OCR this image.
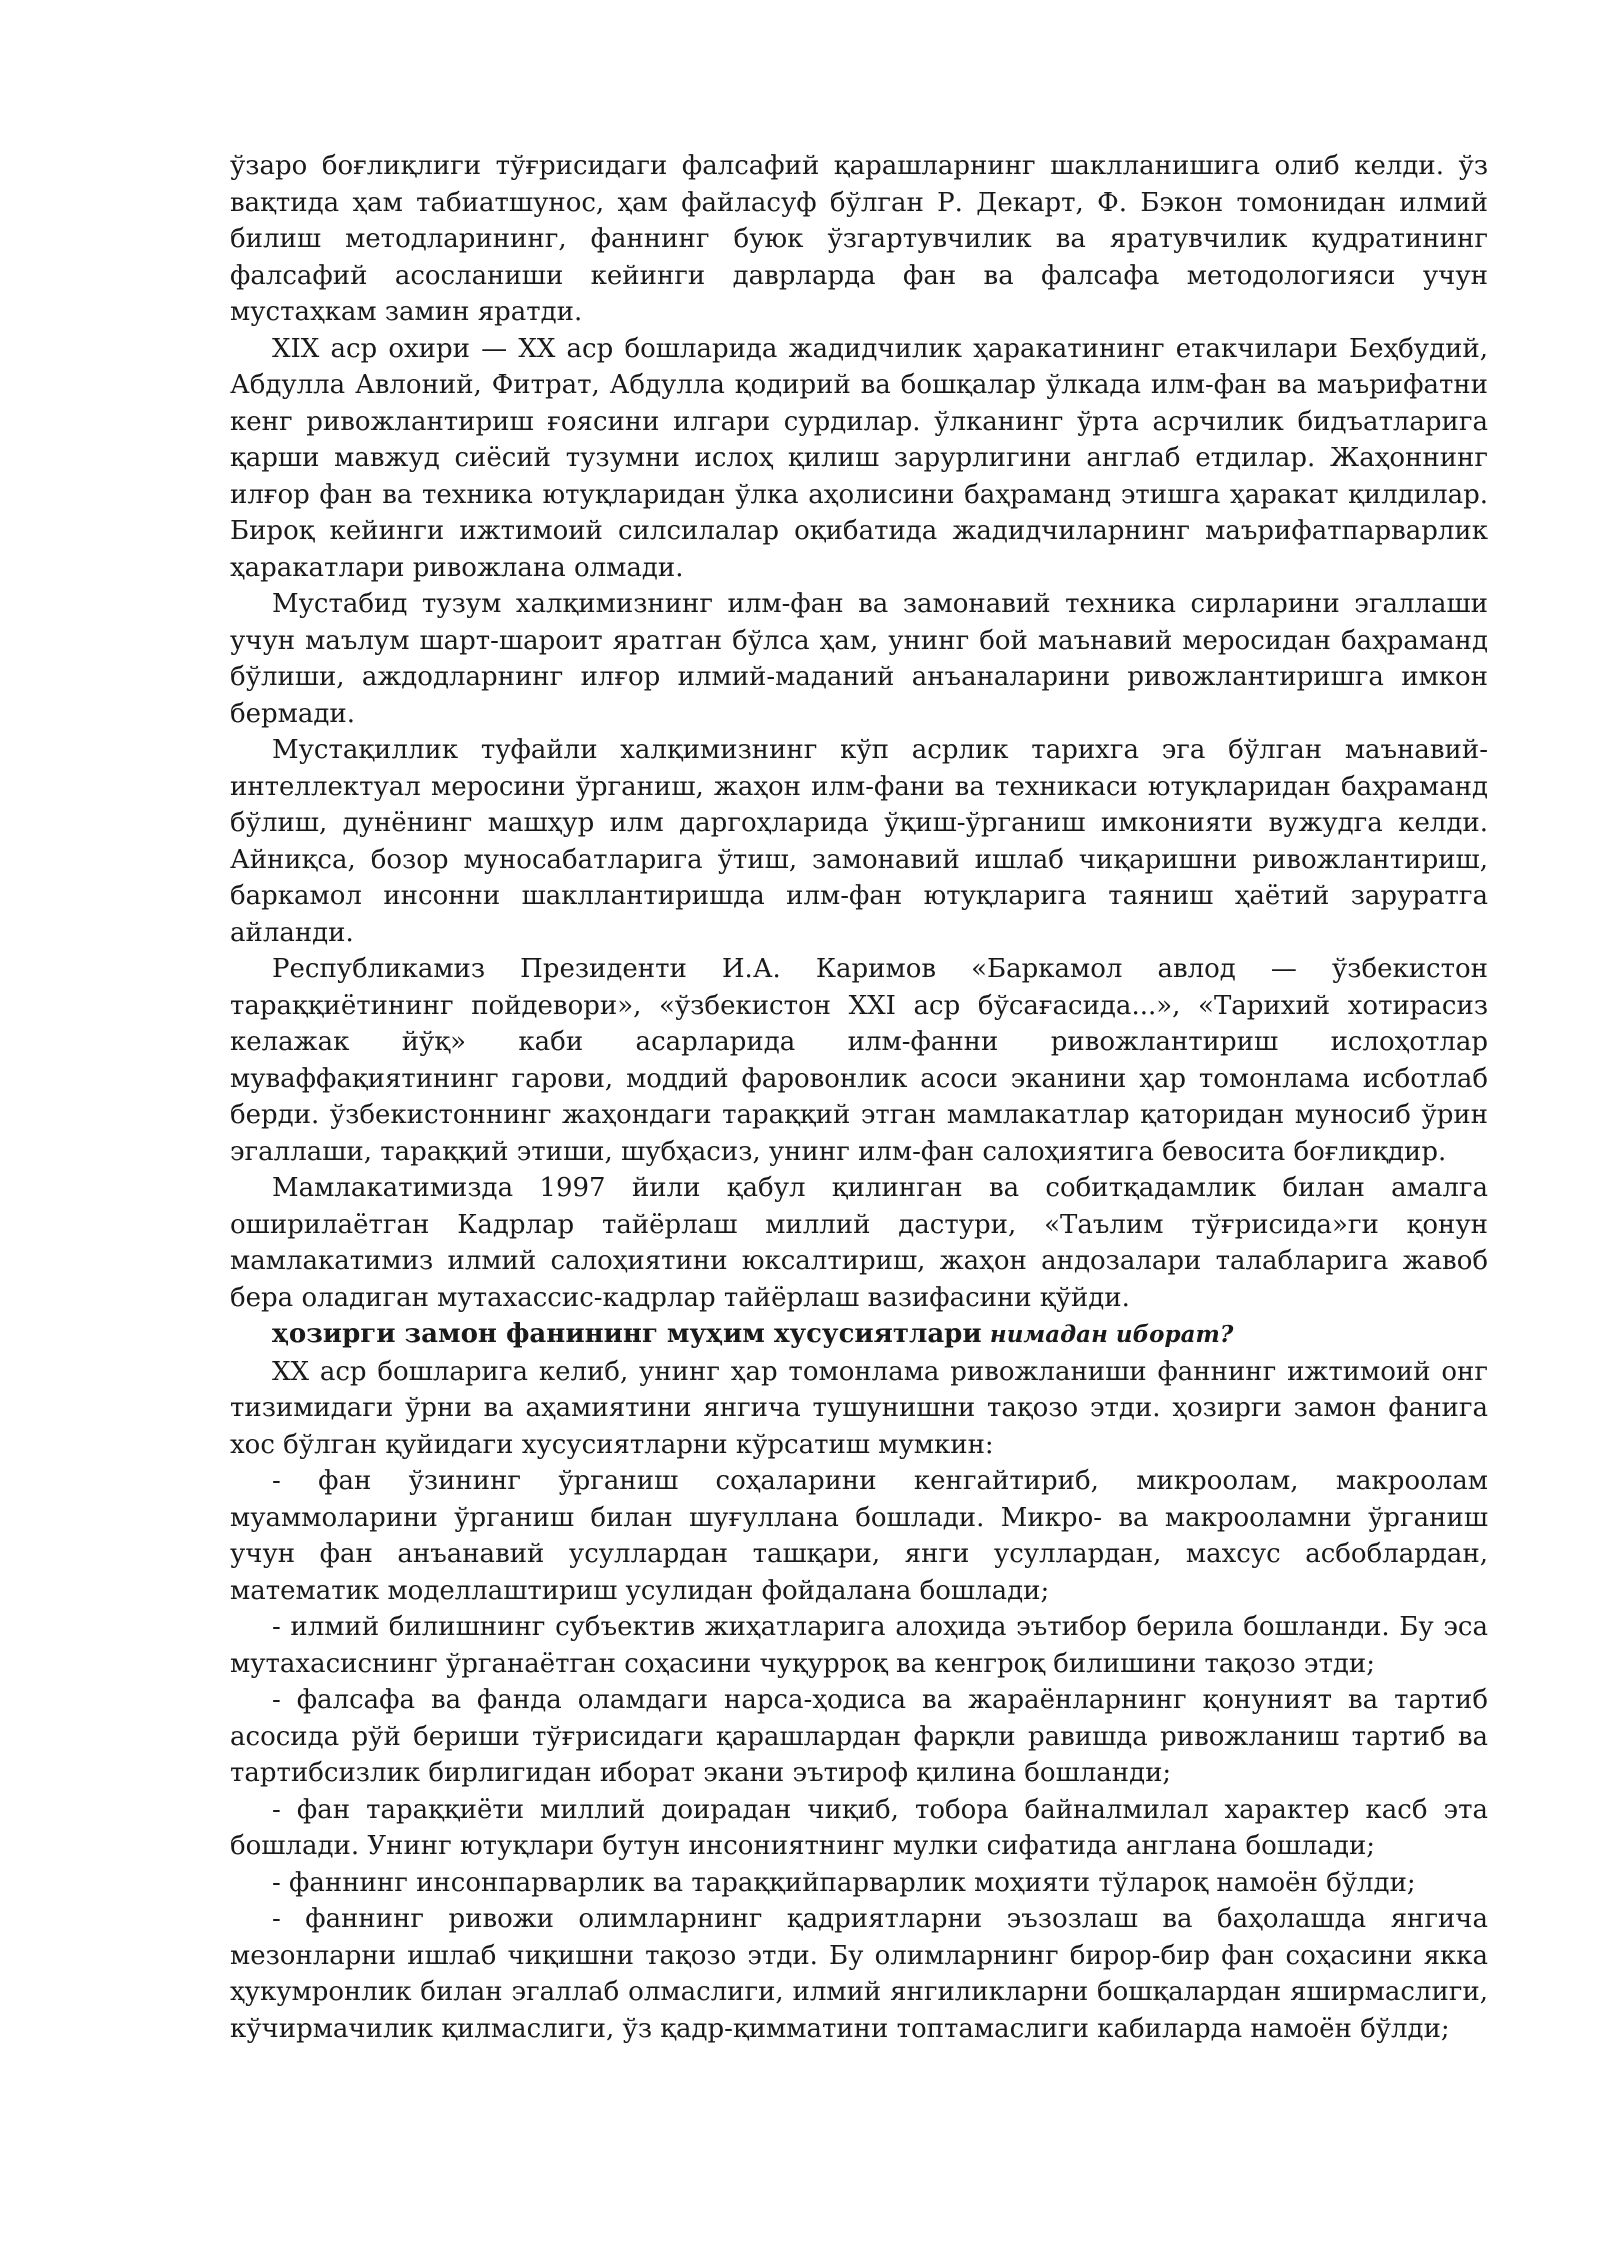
ўзаро боғлиқлиги тўғрисидаги фалсафий қарашларнинг шаклланишига олиб келди. ўз вақтида ҳам табиатшунос, ҳам файласуф бўлган Р. Декарт, Ф. Бэкон томонидан илмий билиш методларининг, фаннинг буюк ўзгартувчилик ва яратувчилик қудратининг фалсафий асосланиши кейинги даврларда фан ва фалсафа методологияси учун мустаҳкам замин яратди.

XIX аср охири — XX аср бошларида жадидчилик ҳаракатининг етакчилари Беҳбудий, Абдулла Авлоний, Фитрат, Абдулла қодирий ва бошқалар ўлкада илм-фан ва маърифатни кенг ривожлантириш ғоясини илгари сурдилар. ўлканинг ўрта асрчилик бидъатларига қарши мавжуд сиёсий тузумни ислоҳ қилиш зарурлигини англаб етдилар. Жаҳоннинг илғор фан ва техника ютуқларидан ўлка аҳолисини баҳраманд этишга ҳаракат қилдилар. Бироқ кейинги ижтимоий силсилалар оқибатида жадидчиларнинг маърифатпарварлик ҳаракатлари ривожлана олмади.

Мустабид тузум халқимизнинг илм-фан ва замонавий техника сирларини эгаллаши учун маълум шарт-шароит яратган бўлса ҳам, унинг бой маънавий меросидан баҳраманд бўлиши, аждодларнинг илғор илмий-маданий анъаналарини ривожлантиришга имкон бермади.

Мустақиллик туфайли халқимизнинг кўп асрлик тарихга эга бўлган маънавий-интеллектуал меросини ўрганиш, жаҳон илм-фани ва техникаси ютуқларидан баҳраманд бўлиш, дунёнинг машҳур илм даргоҳларида ўқиш-ўрганиш имконияти вужудга келди. Айниқса, бозор муносабатларига ўтиш, замонавий ишлаб чиқаришни ривожлантириш, баркамол инсонни шакллантиришда илм-фан ютуқларига таяниш ҳаётий заруратга айланди.

Республикамиз Президенти И.А. Каримов «Баркамол авлод — ўзбекистон тараққиётининг пойдевори», «ўзбекистон XXI аср бўсағасида...», «Тарихий хотирасиз келажак йўқ» каби асарларида илм-фанни ривожлантириш ислоҳотлар муваффақиятининг гарови, моддий фаровонлик асоси эканини ҳар томонлама исботлаб берди. ўзбекистоннинг жаҳондаги тараққий этган мамлакатлар қаторидан муносиб ўрин эгаллаши, тараққий этиши, шубҳасиз, унинг илм-фан салоҳиятига бевосита боғлиқдир.

Мамлакатимизда 1997 йили қабул қилинган ва собитқадамлик билан амалга оширилаётган Кадрлар тайёрлаш миллий дастури, «Таълим тўғрисида»ги қонун мамлакатимиз илмий салоҳиятини юксалтириш, жаҳон андозалари талабларига жавоб бера оладиган мутахассис-кадрлар тайёрлаш вазифасини қўйди.

ҳозирги замон фанининг муҳим хусусиятлари нимадан иборат?

XX аср бошларига келиб, унинг ҳар томонлама ривожланиши фаннинг ижтимоий онг тизимидаги ўрни ва аҳамиятини янгича тушунишни тақозо этди. ҳозирги замон фанига хос бўлган қуйидаги хусусиятларни кўрсатиш мумкин:

- фан ўзининг ўрганиш соҳаларини кенгайтириб, микроолам, макроолам муаммоларини ўрганиш билан шуғуллана бошлади. Микро- ва макрооламни ўрганиш учун фан анъанавий усуллардан ташқари, янги усуллардан, махсус асбоблардан, математик моделлаштириш усулидан фойдалана бошлади;

- илмий билишнинг субъектив жиҳатларига алоҳида эътибор берила бошланди. Бу эса мутахасиснинг ўрганаётган соҳасини чуқурроқ ва кенгроқ билишини тақозо этди;

- фалсафа ва фанда оламдаги нарса-ҳодиса ва жараёнларнинг қонуният ва тартиб асосида рўй бериши тўғрисидаги қарашлардан фарқли равишда ривожланиш тартиб ва тартибсизлик бирлигидан иборат экани эътироф қилина бошланди;

- фан тараққиёти миллий доирадан чиқиб, тобора байналмилал характер касб эта бошлади. Унинг ютуқлари бутун инсониятнинг мулки сифатида англана бошлади;

- фаннинг инсонпарварлик ва тараққийпарварлик моҳияти тўлароқ намоён бўлди;

- фаннинг ривожи олимларнинг қадриятларни эъзозлаш ва баҳолашда янгича мезонларни ишлаб чиқишни тақозо этди. Бу олимларнинг бирор-бир фан соҳасини якка ҳукумронлик билан эгаллаб олмаслиги, илмий янгиликларни бошқалардан яширмаслиги, кўчирмачилик қилмаслиги, ўз қадр-қимматини топтамаслиги кабиларда намоён бўлди;
